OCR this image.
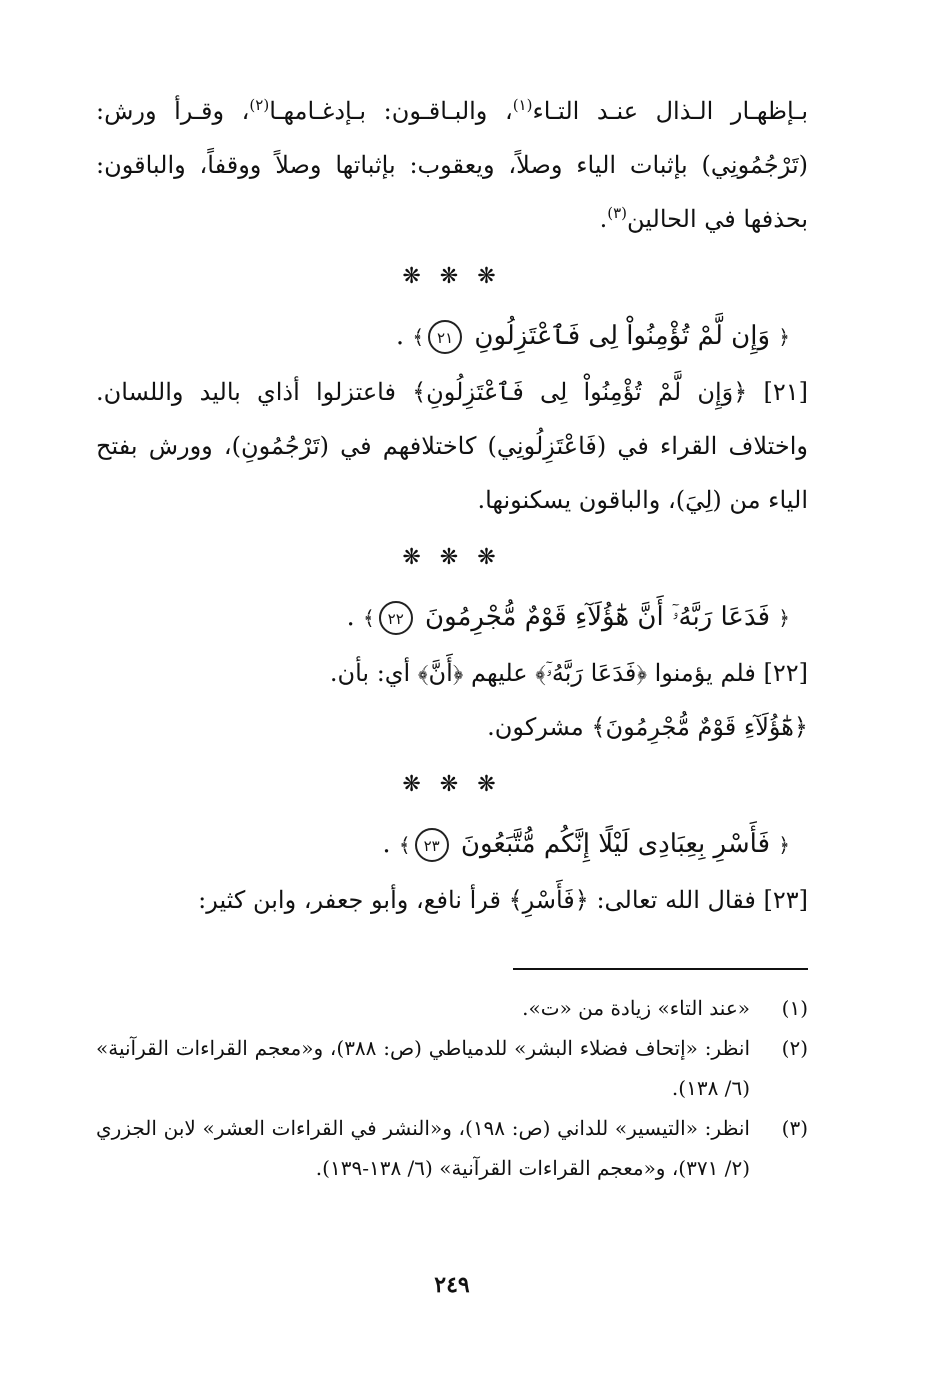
بـإظهـار الـذال عنـد التـاء$^{(١)}$، والبـاقـون: بـإدغـامهـا$^{(٢)}$، وقـرأ ورش: (تَرْجُمُونِي) بإثبات الياء وصلاً، ويعقوب: بإثباتها وصلاً ووقفاً، والباقون: بحذفها في الحالين$^{(٣)}$.

❋ ❋ ❋

﴿ وَإِن لَّمْ تُؤْمِنُواْ لِى فَٱعْتَزِلُونِ ٢١﴾ .

[٢١] ﴿وَإِن لَّمْ تُؤْمِنُواْ لِى فَٱعْتَزِلُونِ﴾ فاعتزلوا أذاي باليد واللسان. واختلاف القراء في (فَاعْتَزِلُونِي) كاختلافهم في (تَرْجُمُونِ)، وورش بفتح الياء من (لِيَ)، والباقون يسكنونها.

❋ ❋ ❋

﴿ فَدَعَا رَبَّهُۥٓ أَنَّ هَٰٓؤُلَآءِ قَوْمٌ مُّجْرِمُونَ ٢٢﴾ .

[٢٢] فلم يؤمنوا ﴿فَدَعَا رَبَّهُۥٓ﴾ عليهم ﴿أَنَّ﴾ أي: بأن.

﴿هَٰٓؤُلَآءِ قَوْمٌ مُّجْرِمُونَ﴾ مشركون.

❋ ❋ ❋

﴿ فَأَسْرِ بِعِبَادِى لَيْلًا إِنَّكُم مُّتَّبَعُونَ ٢٣﴾ .

[٢٣] فقال الله تعالى: ﴿فَأَسْرِ﴾ قرأ نافع، وأبو جعفر، وابن كثير:

(١)
«عند التاء» زيادة من «ت».
(٢)
انظر: «إتحاف فضلاء البشر» للدمياطي (ص: ٣٨٨)، و«معجم القراءات القرآنية» (٦/ ١٣٨).
(٣)
انظر: «التيسير» للداني (ص: ١٩٨)، و«النشر في القراءات العشر» لابن الجزري (٢/ ٣٧١)، و«معجم القراءات القرآنية» (٦/ ١٣٨-١٣٩).
٢٤٩
